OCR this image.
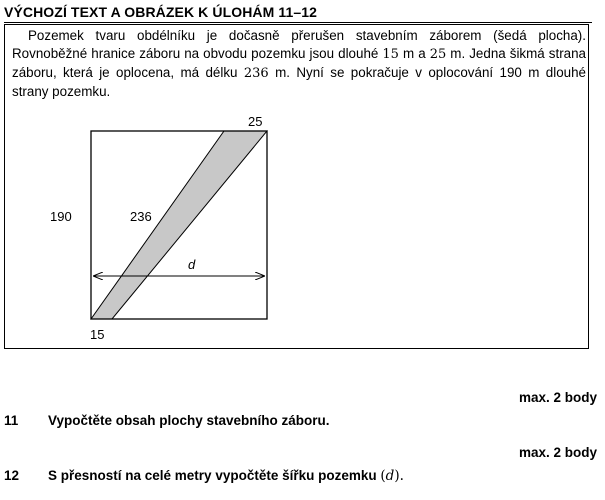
VÝCHOZÍ TEXT A OBRÁZEK K ÚLOHÁM 11–12
Pozemek tvaru obdélníku je dočasně přerušen stavebním záborem (šedá plocha). Rovnoběžné hranice záboru na obvodu pozemku jsou dlouhé 15 m a 25 m. Jedna šikmá strana záboru, která je oplocena, má délku 236 m. Nyní se pokračuje v oplocování 190 m dlouhé strany pozemku.
25
190	236
d
15
max. 2 body
11 Vypočtěte obsah plochy stavebního záboru.
max. 2 body
12 S přesností na celé metry vypočtěte šířku pozemku (d).
